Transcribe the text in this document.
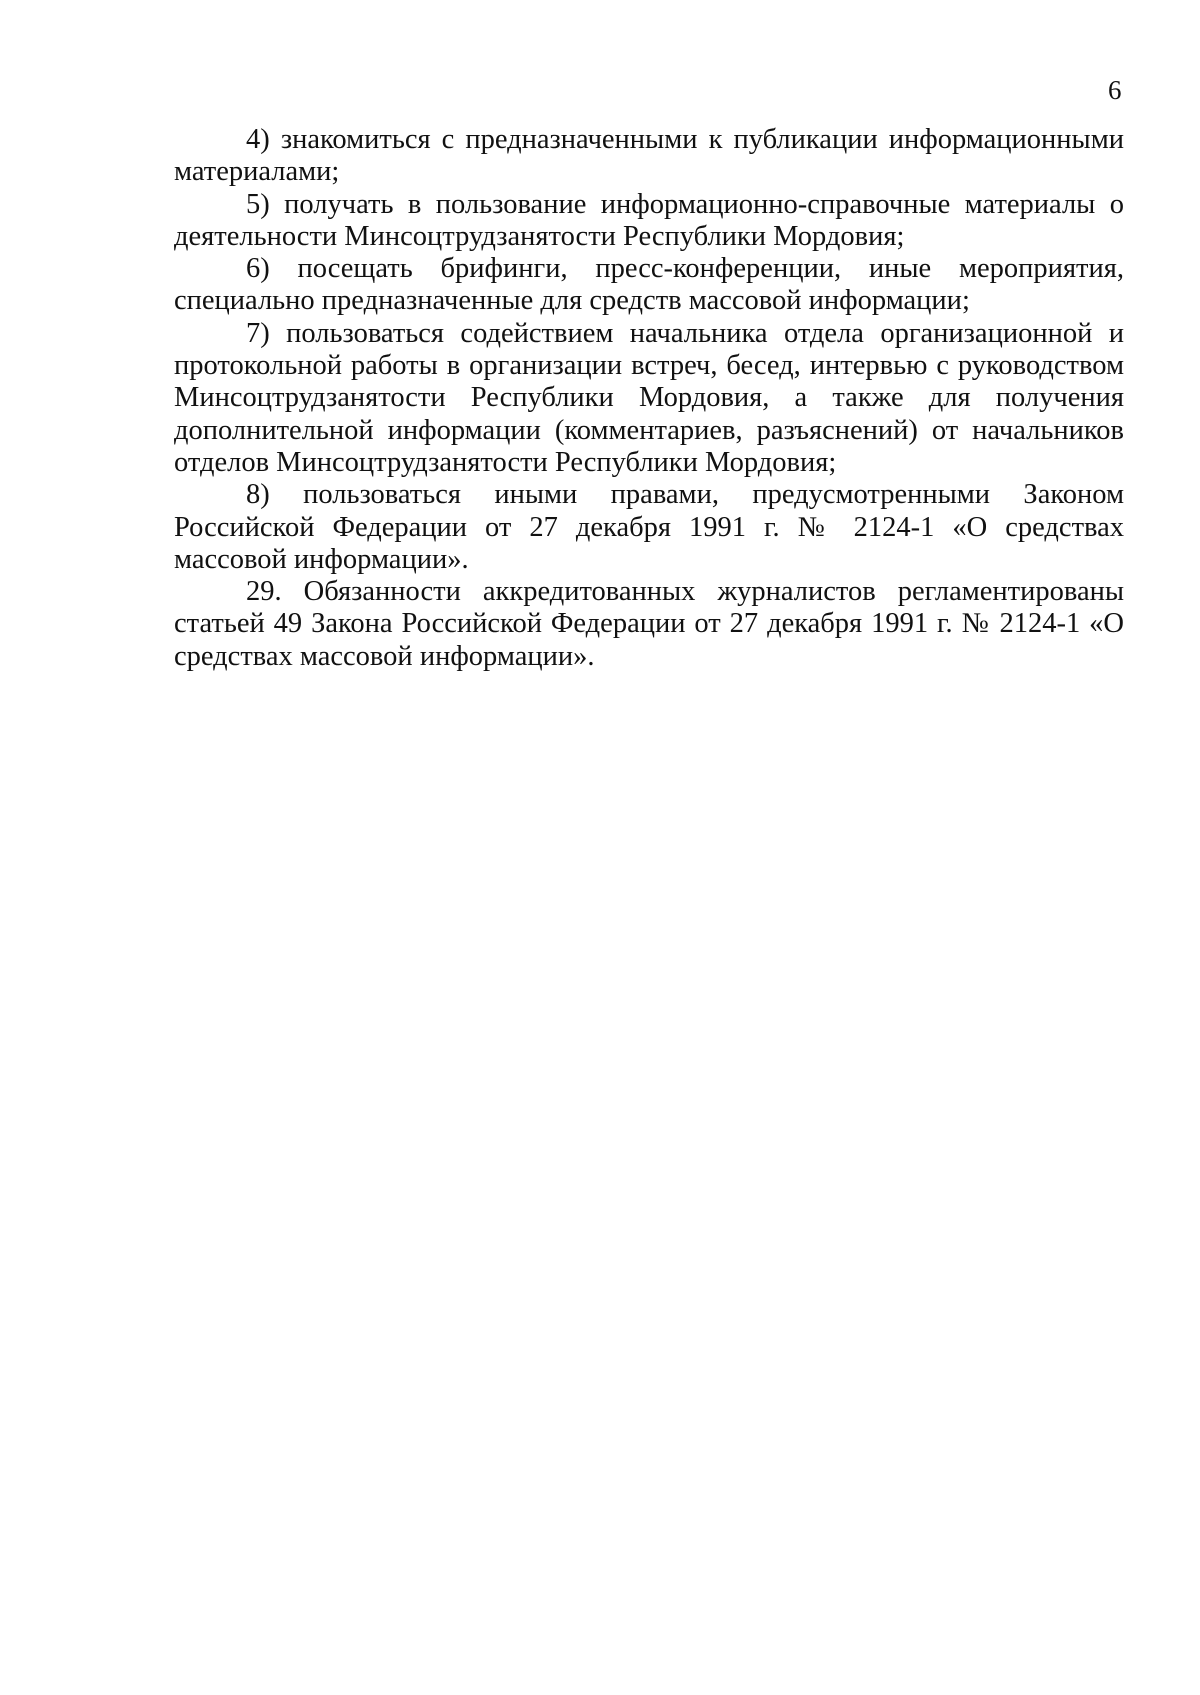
6

4) знакомиться с предназначенными к публикации информационными материалами;

5) получать в пользование информационно-справочные материалы о деятельности Минсоцтрудзанятости Республики Мордовия;

6) посещать брифинги, пресс-конференции, иные мероприятия, специально предназначенные для средств массовой информации;

7) пользоваться содействием начальника отдела организационной и протокольной работы в организации встреч, бесед, интервью с руководством Минсоцтрудзанятости Республики Мордовия, а также для получения дополнительной информации (комментариев, разъяснений) от начальников отделов Минсоцтрудзанятости Республики Мордовия;

8) пользоваться иными правами, предусмотренными Законом Российской Федерации от 27 декабря 1991 г. № 2124-1 «О средствах массовой информации».

29. Обязанности аккредитованных журналистов регламентированы статьей 49 Закона Российской Федерации от 27 декабря 1991 г. № 2124-1 «О средствах массовой информации».
